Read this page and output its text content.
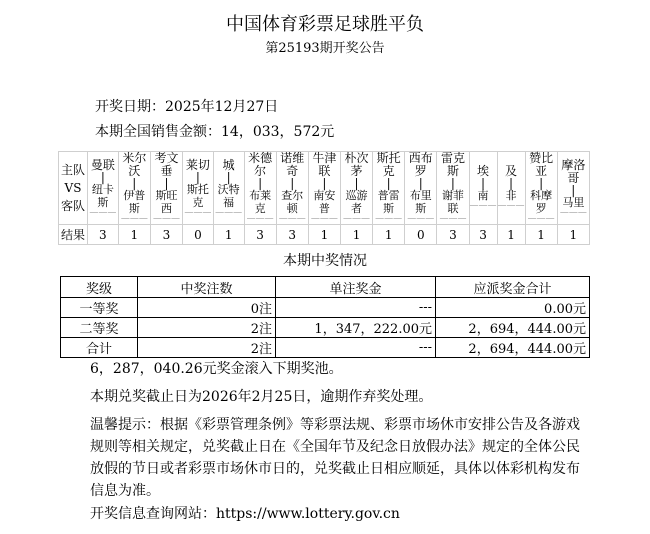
中国体育彩票足球胜平负
第25193期开奖公告
开奖日期：2025年12月27日
本期全国销售金额：14，033，572元
主队
VS
客队	曼联
|
纽卡斯
———	米尔沃
|
伊普斯
———	考文垂
|
斯旺西
———	莱切
|
斯托克
———	城
|
沃特福
———	米德尔
|
布莱克
———	诺维奇
|
查尔顿
———	牛津联
|
南安普
———	朴次茅
|
巡游者
———	斯托克
|
普雷斯
———	西布罗
|
布里斯
———	雷克斯
|
谢菲联
———	埃
|
南
———	及
|
非
———	赞比亚
|
科摩罗
———	摩洛哥
|
马里
———

结果	3	1	3	0	1	3	3	1	1	1	0	3	3	1	1	1
本期中奖情况
奖级	中奖注数	单注奖金	应派奖金合计
一等奖	0注	---	0.00元
二等奖	2注	1，347，222.00元	2，694，444.00元
合计	2注	---	2，694，444.00元
6，287，040.26元奖金滚入下期奖池。
本期兑奖截止日为2026年2月25日，逾期作弃奖处理。
温馨提示：根据《彩票管理条例》等彩票法规、彩票市场休市安排公告及各游戏规则等相关规定，兑奖截止日在《全国年节及纪念日放假办法》规定的全体公民放假的节日或者彩票市场休市日的，兑奖截止日相应顺延，具体以体彩机构发布信息为准。
开奖信息查询网站：https://www.lottery.gov.cn
